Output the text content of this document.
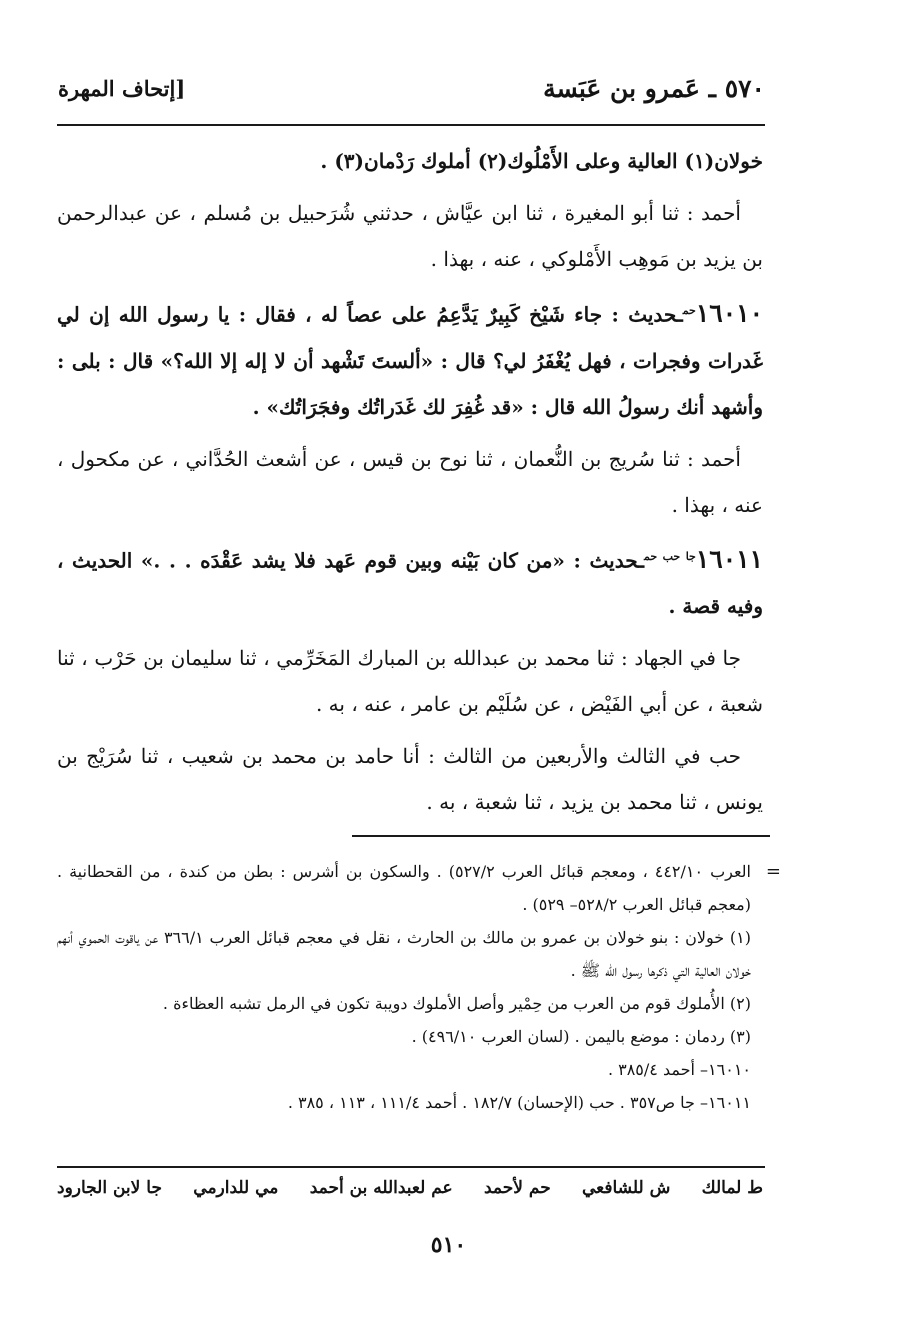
٥٧٠ ـ عَمرو بن عَبَسة
[إتحاف المهرة

خولان(١) العالية وعلى الأَمْلُوك(٢) أملوك رَدْمان(٣) .

أحمد : ثنا أبو المغيرة ، ثنا ابن عيَّاش ، حدثني شُرَحبيل بن مُسلم ، عن عبدالرحمن بن يزيد بن مَوهِب الأَمْلوكي ، عنه ، بهذا .

$١٦٠١٠^{حم}ـحديث$ : جاء شَيْخ كَبِيرٌ يَدَّعِمُ على عصاً له ، فقال : يا رسول الله إن لي غَدرات وفجرات ، فهل يُغْفَرُ لي؟ قال : «ألستَ تَشْهد أن لا إله إلا الله؟» قال : بلى : وأشهد أنك رسولُ الله قال : «قد غُفِرَ لك غَدَراتُك وفجَرَاتُك» .

أحمد : ثنا سُريج بن النُّعمان ، ثنا نوح بن قيس ، عن أشعث الحُدَّاني ، عن مكحول ، عنه ، بهذا .

$١٦٠١١^{جا حب حم}ـحديث$ : «من كان بَيْنه وبين قوم عَهد فلا يشد عَقْدَه . . .» الحديث ، وفيه قصة .

جا في الجهاد : ثنا محمد بن عبدالله بن المبارك المَخَرِّمي ، ثنا سليمان بن حَرْب ، ثنا شعبة ، عن أبي الفَيْض ، عن سُلَيْم بن عامر ، عنه ، به .

حب في الثالث والأربعين من الثالث : أنا حامد بن محمد بن شعيب ، ثنا سُرَيْج بن يونس ، ثنا محمد بن يزيد ، ثنا شعبة ، به .

=

العرب ٤٤٢/١٠ ، ومعجم قبائل العرب ٥٢٧/٢) . والسكون بن أشرس : بطن من كندة ، من القحطانية . (معجم قبائل العرب ٥٢٨/٢– ٥٢٩) .

(١) خولان : بنو خولان بن عمرو بن مالك بن الحارث ، نقل في معجم قبائل العرب ٣٦٦/١ عن ياقوت الحموي أنهم خولان العالية التي ذكرها رسول الله ﷺ .

(٢) الأُملوك قوم من العرب من حِمْير وأصل الأملوك دويبة تكون في الرمل تشبه العظاءة .

(٣) ردمان : موضع باليمن . (لسان العرب ٤٩٦/١٠) .

١٦٠١٠– أحمد ٣٨٥/٤ .

١٦٠١١– جا ص٣٥٧ . حب (الإحسان) ١٨٢/٧ . أحمد ١١١/٤ ، ١١٣ ، ٣٨٥ .

ط لمالك
ش للشافعي
حم لأحمد
عم لعبدالله بن أحمد
مي للدارمي
جا لابن الجارود
٥١٠
